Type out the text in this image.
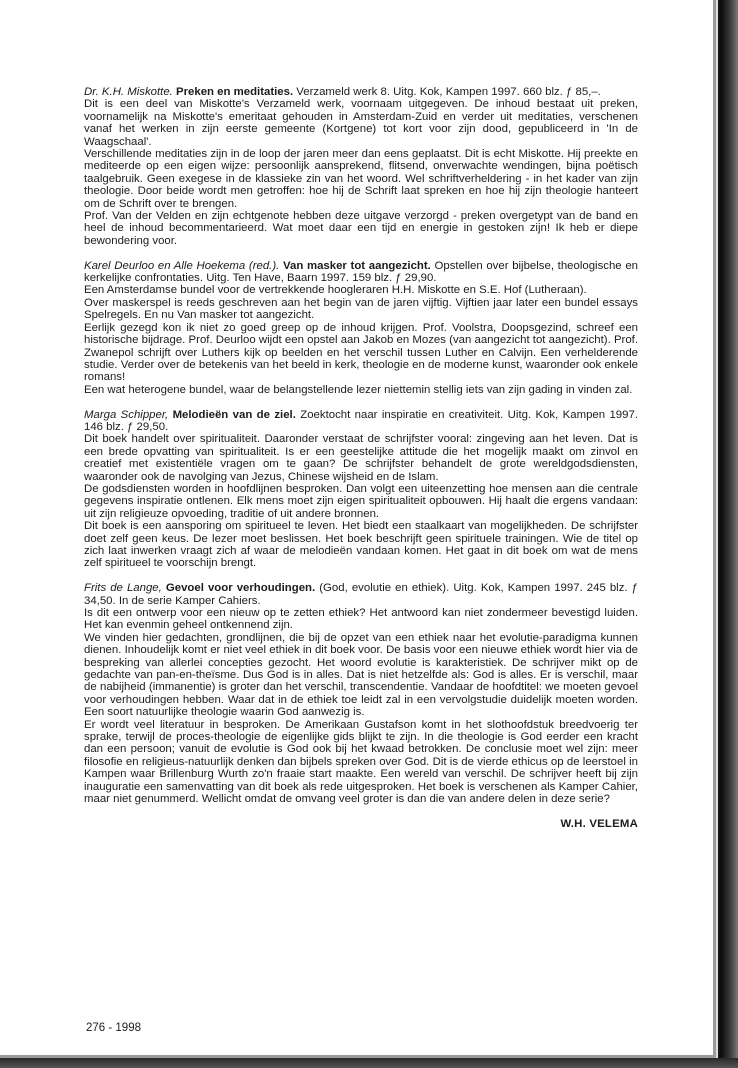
Dr. K.H. Miskotte. Preken en meditaties. Verzameld werk 8. Uitg. Kok, Kampen 1997. 660 blz. ƒ 85,–.

Dit is een deel van Miskotte's Verzameld werk, voornaam uitgegeven. De inhoud bestaat uit preken, voornamelijk na Miskotte's emeritaat gehouden in Amsterdam-Zuid en verder uit meditaties, verschenen vanaf het werken in zijn eerste gemeente (Kortgene) tot kort voor zijn dood, gepubliceerd in 'In de Waagschaal'.

Verschillende meditaties zijn in de loop der jaren meer dan eens geplaatst. Dit is echt Miskotte. Hij preekte en mediteerde op een eigen wijze: persoonlijk aansprekend, flitsend, onverwachte wendingen, bijna poëtisch taalgebruik. Geen exegese in de klassieke zin van het woord. Wel schriftverheldering - in het kader van zijn theologie. Door beide wordt men getroffen: hoe hij de Schrift laat spreken en hoe hij zijn theologie hanteert om de Schrift over te brengen.

Prof. Van der Velden en zijn echtgenote hebben deze uitgave verzorgd - preken overgetypt van de band en heel de inhoud becommentarieerd. Wat moet daar een tijd en energie in gestoken zijn! Ik heb er diepe bewondering voor.

Karel Deurloo en Alle Hoekema (red.). Van masker tot aangezicht. Opstellen over bijbelse, theologische en kerkelijke confrontaties. Uitg. Ten Have, Baarn 1997. 159 blz. ƒ 29,90.

Een Amsterdamse bundel voor de vertrekkende hoogleraren H.H. Miskotte en S.E. Hof (Lutheraan).

Over maskerspel is reeds geschreven aan het begin van de jaren vijftig. Vijftien jaar later een bundel essays Spelregels. En nu Van masker tot aangezicht.

Eerlijk gezegd kon ik niet zo goed greep op de inhoud krijgen. Prof. Voolstra, Doopsgezind, schreef een historische bijdrage. Prof. Deurloo wijdt een opstel aan Jakob en Mozes (van aangezicht tot aangezicht). Prof. Zwanepol schrijft over Luthers kijk op beelden en het verschil tussen Luther en Calvijn. Een verhelderende studie. Verder over de betekenis van het beeld in kerk, theologie en de moderne kunst, waaronder ook enkele romans!

Een wat heterogene bundel, waar de belangstellende lezer niettemin stellig iets van zijn gading in vinden zal.

Marga Schipper, Melodieën van de ziel. Zoektocht naar inspiratie en creativiteit. Uitg. Kok, Kampen 1997. 146 blz. ƒ 29,50.

Dit boek handelt over spiritualiteit. Daaronder verstaat de schrijfster vooral: zingeving aan het leven. Dat is een brede opvatting van spiritualiteit. Is er een geestelijke attitude die het mogelijk maakt om zinvol en creatief met existentiële vragen om te gaan? De schrijfster behandelt de grote wereldgodsdiensten, waaronder ook de navolging van Jezus, Chinese wijsheid en de Islam.

De godsdiensten worden in hoofdlijnen besproken. Dan volgt een uiteenzetting hoe mensen aan die centrale gegevens inspiratie ontlenen. Elk mens moet zijn eigen spiritualiteit opbouwen. Hij haalt die ergens vandaan: uit zijn religieuze opvoeding, traditie of uit andere bronnen.

Dit boek is een aansporing om spiritueel te leven. Het biedt een staalkaart van mogelijkheden. De schrijfster doet zelf geen keus. De lezer moet beslissen. Het boek beschrijft geen spirituele trainingen. Wie de titel op zich laat inwerken vraagt zich af waar de melodieën vandaan komen. Het gaat in dit boek om wat de mens zelf spiritueel te voorschijn brengt.

Frits de Lange, Gevoel voor verhoudingen. (God, evolutie en ethiek). Uitg. Kok, Kampen 1997. 245 blz. ƒ 34,50. In de serie Kamper Cahiers.

Is dit een ontwerp voor een nieuw op te zetten ethiek? Het antwoord kan niet zondermeer bevestigd luiden. Het kan evenmin geheel ontkennend zijn.

We vinden hier gedachten, grondlijnen, die bij de opzet van een ethiek naar het evolutie-paradigma kunnen dienen. Inhoudelijk komt er niet veel ethiek in dit boek voor. De basis voor een nieuwe ethiek wordt hier via de bespreking van allerlei concepties gezocht. Het woord evolutie is karakteristiek. De schrijver mikt op de gedachte van pan-en-theïsme. Dus God is in alles. Dat is niet hetzelfde als: God is alles. Er is verschil, maar de nabijheid (immanentie) is groter dan het verschil, transcendentie. Vandaar de hoofdtitel: we moeten gevoel voor verhoudingen hebben. Waar dat in de ethiek toe leidt zal in een vervolgstudie duidelijk moeten worden. Een soort natuurlijke theologie waarin God aanwezig is.

Er wordt veel literatuur in besproken. De Amerikaan Gustafson komt in het slothoofdstuk breedvoerig ter sprake, terwijl de proces-theologie de eigenlijke gids blijkt te zijn. In die theologie is God eerder een kracht dan een persoon; vanuit de evolutie is God ook bij het kwaad betrokken. De conclusie moet wel zijn: meer filosofie en religieus-natuurlijk denken dan bijbels spreken over God. Dit is de vierde ethicus op de leerstoel in Kampen waar Brillenburg Wurth zo'n fraaie start maakte. Een wereld van verschil. De schrijver heeft bij zijn inauguratie een samenvatting van dit boek als rede uitgesproken. Het boek is verschenen als Kamper Cahier, maar niet genummerd. Wellicht omdat de omvang veel groter is dan die van andere delen in deze serie?

W.H. VELEMA
276 - 1998
